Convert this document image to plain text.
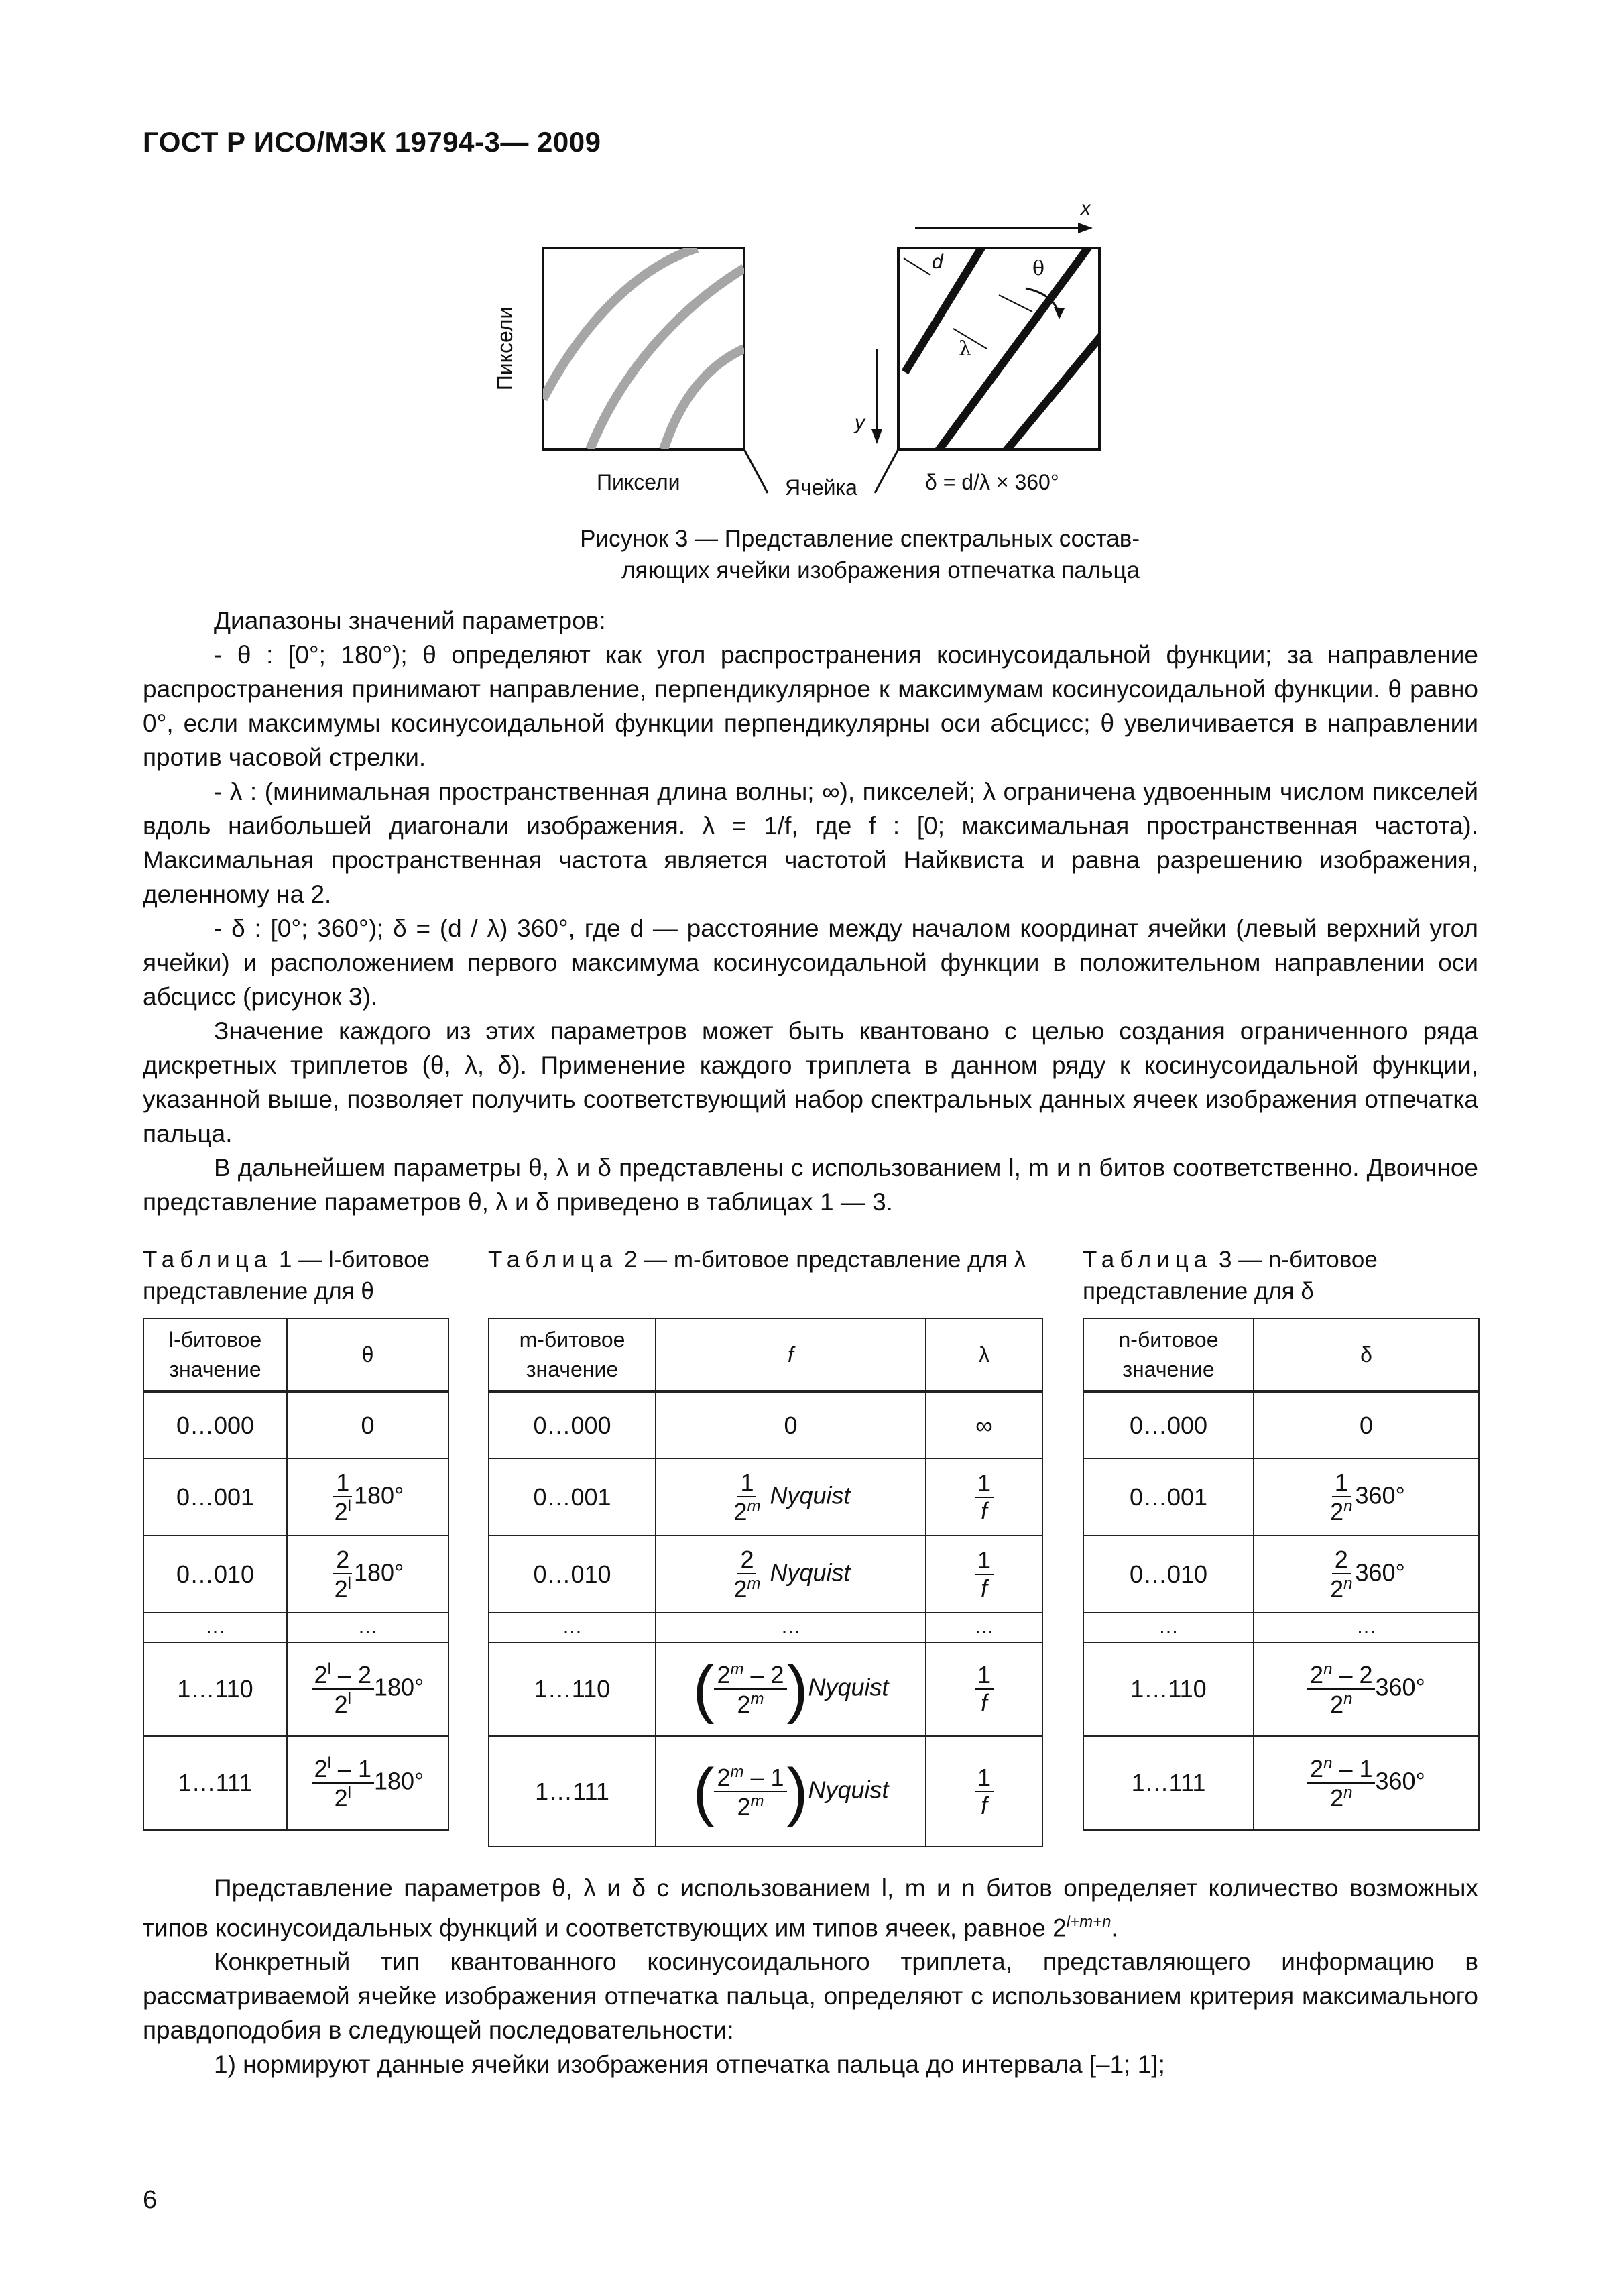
ГОСТ Р ИСО/МЭК 19794-3— 2009
Пиксели
Пиксели	Ячейка
x
y
d	θ
λ
δ = d/λ × 360°
Рисунок 3 — Представление спектральных состав-
ляющих ячейки изображения отпечатка пальца

Диапазоны значений параметров:

- θ : [0°; 180°); θ определяют как угол распространения косинусоидальной функции; за направление распространения принимают направление, перпендикулярное к максимумам косинусоидальной функции. θ равно 0°, если максимумы косинусоидальной функции перпендикулярны оси абсцисс; θ увеличивается в направлении против часовой стрелки.

- λ : (минимальная пространственная длина волны; ∞), пикселей; λ ограничена удвоенным числом пикселей вдоль наибольшей диагонали изображения. λ = 1/f, где f : [0; максимальная пространственная частота). Максимальная пространственная частота является частотой Найквиста и равна разрешению изображения, деленному на 2.

- δ : [0°; 360°); δ = (d / λ) 360°, где d — расстояние между началом координат ячейки (левый верхний угол ячейки) и расположением первого максимума косинусоидальной функции в положительном направлении оси абсцисс (рисунок 3).

Значение каждого из этих параметров может быть квантовано с целью создания ограниченного ряда дискретных триплетов (θ, λ, δ). Применение каждого триплета в данном ряду к косинусоидальной функции, указанной выше, позволяет получить соответствующий набор спектральных данных ячеек изображения отпечатка пальца.

В дальнейшем параметры θ, λ и δ представлены с использованием l, m и n битов соответственно. Двоичное представление параметров θ, λ и δ приведено в таблицах 1 — 3.

Таблица 1 — l-битовое представление для θ
Таблица 2 — m-битовое представление для λ	Таблица 3 — n-битовое представление для δ
l-битовое значение	θ
0…000	0
0…001	$\frac{1}{2^l} 180^\circ$
0…010	$\frac{2}{2^l} 180^\circ$
…	…
1…110	$\frac{2^l - 2}{2^l} 180^\circ$
1…111	$\frac{2^l - 1}{2^l} 180^\circ$
m-битовое значение	f	λ
0…000	0	∞
0…001	$\frac{1}{2^m}$ Nyquist	$\frac{1}{f}$

0…010	$\frac{2}{2^m}$ Nyquist	$\frac{1}{f}$

…	…	…
1…110	( $\frac{2^m - 2}{2^m}$ )Nyquist	$\frac{1}{f}$

1…111	( $\frac{2^m - 1}{2^m}$ )Nyquist	$\frac{1}{f}$
n-битовое значение	δ
0…000	0
0…001	$\frac{1}{2^n} 360^\circ$
0…010	$\frac{2}{2^n} 360^\circ$
…	…
1…110	$\frac{2^n - 2}{2^n} 360^\circ$
1…111	$\frac{2^n - 1}{2^n} 360^\circ$

Представление параметров θ, λ и δ с использованием l, m и n битов определяет количество возможных типов косинусоидальных функций и соответствующих им типов ячеек, равное $2^{l+m+n}$.

Конкретный тип квантованного косинусоидального триплета, представляющего информацию в рассматриваемой ячейке изображения отпечатка пальца, определяют с использованием критерия максимального правдоподобия в следующей последовательности:

1) нормируют данные ячейки изображения отпечатка пальца до интервала [–1; 1];

6
